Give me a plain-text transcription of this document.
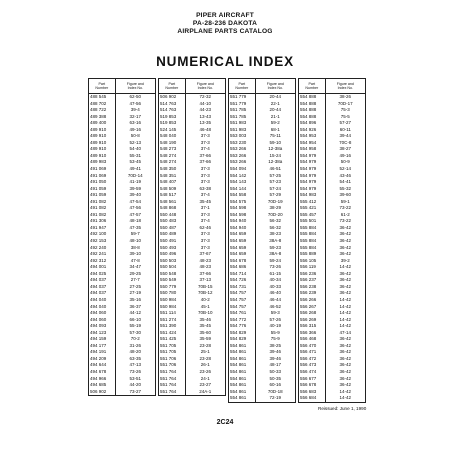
PIPER AIRCRAFT
PA-28-236 DAKOTA
AIRPLANE PARTS CATALOG
NUMERICAL INDEX
Part
Number
Figure and
Index No.
488 545
488 702
488 722
489 388
489 400
489 910
489 910
489 910
489 910
489 910
489 983
491 069
491 069
491 050
491 059
491 059
491 082
491 082
491 082
491 306
491 947
492 100
492 153
492 240
492 241
492 312
494 001
494 025
494 037
494 037
494 037
494 040
494 040
494 060
494 060
494 093
494 123
494 159
494 177
494 191
494 209
494 644
494 678
494 966
494 685
506 902
62-50
47-56
39-4
32-17
63-16
49-16
50-8
52-13
54-40
55-31
53-45
49-41
70D-14
41-19
39-59
39-40
47-54
47-56
47-57
48-18
47-35
59-7
48-10
38-8
39-10
47-8
34-47
29-25
27-7
27-25
27-19
35-16
36-37
44-12
66-10
55-19
57-30
70-2
31-26
48-20
63-35
47-13
73-26
53-51
44-20
73-27
Part
Number
Figure and
Index No.
506 902
514 763
514 763
519 853
519 853
524 145
548 040
548 190
548 273
548 274
548 274
548 350
548 351
548 407
548 509
548 517
548 561
548 868
550 448
550 483
550 487
550 489
550 491
550 493
550 496
550 503
550 504
550 548
550 549
550 779
550 780
550 984
550 984
551 114
551 274
551 390
551 424
551 425
551 705
551 705
551 706
551 706
551 764
551 764
551 764
551 764
72-32
44-10
44-23
13-43
13-35
46-48
37-3
37-3
37-4
37-66
37-66
37-3
37-3
37-3
63-38
37-4
35-45
37-1
37-3
37-4
62-46
37-3
37-3
37-3
37-67
48-23
48-23
37-66
37-13
70B-15
70B-12
40-2
45-1
70B-10
35-46
35-45
35-60
35-59
23-28
25-1
23-28
26-1
23-26
24-1
23-27
24A-1
Part
Number
Figure and
Index No.
551 779
551 779
551 785
551 785
551 983
551 983
553 003
553 230
553 266
553 266
553 266
554 094
554 142
554 143
554 144
554 558
554 575
554 598
554 598
554 940
554 940
554 659
554 659
554 659
554 659
554 678
554 686
554 714
554 726
554 731
554 757
554 757
554 757
554 761
554 772
554 776
554 829
554 829
554 861
554 861
554 861
554 861
554 861
554 861
554 861
554 861
554 861
20-44
22-1
20-44
21-1
59-2
68-1
75-11
59-10
12-38a
15-24
12-38a
46-51
57-25
57-23
57-24
57-29
70D-19
38-29
70D-20
56-32
56-32
38-23
38A-8
59-23
38A-8
59-24
73-26
61-15
40-34
40-33
46-40
46-44
46-52
59-3
57-26
40-19
55-9
75-9
38-25
39-46
39-46
48-17
50-33
50-35
60-16
70D-18
72-19
Part
Number
Figure and
Index No.
554 888
554 888
554 888
554 888
554 896
554 926
554 953
554 954
554 958
554 979
554 979
554 979
554 979
554 979
554 979
554 983
555 412
555 421
555 457
555 501
555 884
555 884
555 884
555 884
555 889
556 105
556 119
556 236
556 237
556 238
556 239
556 266
556 267
556 268
556 269
556 315
556 366
556 468
556 470
556 471
556 472
556 473
556 474
556 677
556 678
556 683
556 684
38-26
70D-17
75-3
75-5
57-27
60-11
39-44
70C-8
38-27
49-16
50-9
52-14
43-46
54-41
55-32
39-60
59-1
73-22
61-2
73-22
36-42
36-42
36-42
36-42
36-42
39-2
14-42
36-42
36-42
36-42
36-42
14-42
14-42
14-42
14-42
14-42
47-14
36-42
36-42
36-42
36-42
36-42
36-42
36-42
36-42
14-42
14-42
Reissued: June 1, 1990
2C24
